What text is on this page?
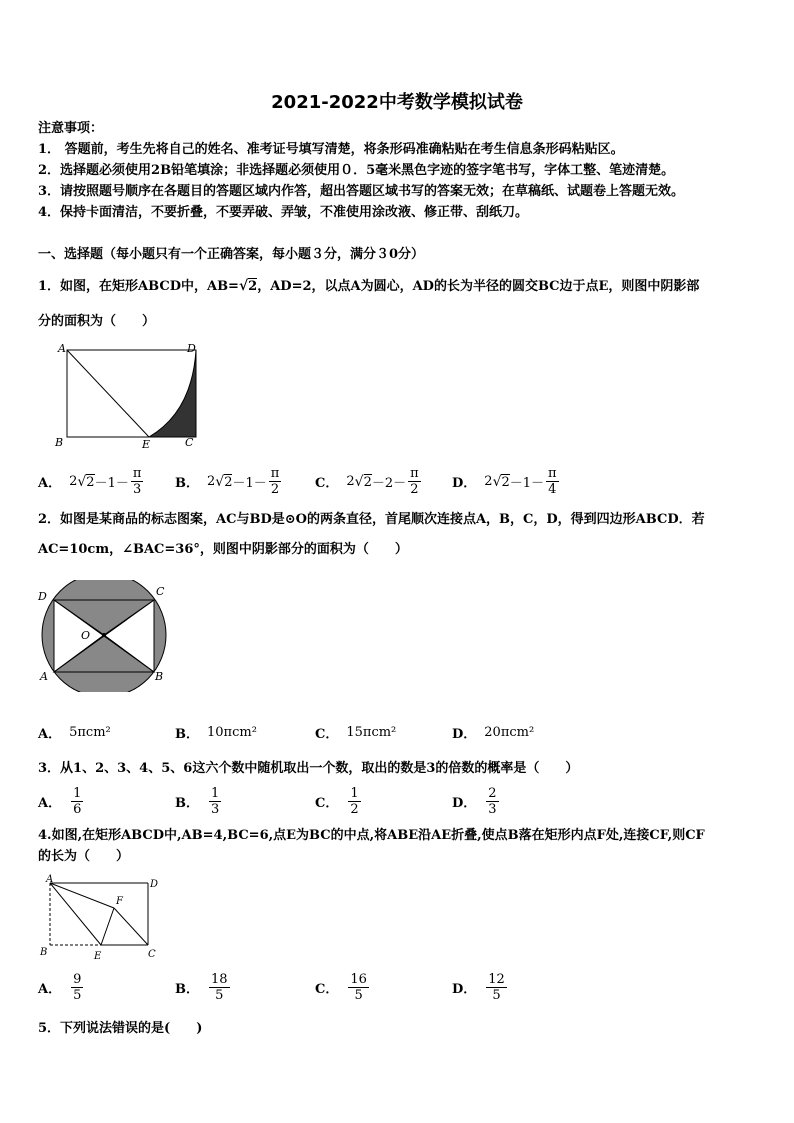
2021-2022中考数学模拟试卷
注意事项：
1． 答题前，考生先将自己的姓名、准考证号填写清楚，将条形码准确粘贴在考生信息条形码粘贴区。
2．选择题必须使用2B铅笔填涂；非选择题必须使用０．5毫米黑色字迹的签字笔书写，字体工整、笔迹清楚。
3．请按照题号顺序在各题目的答题区域内作答，超出答题区域书写的答案无效；在草稿纸、试题卷上答题无效。
4．保持卡面清洁，不要折叠，不要弄破、弄皱，不准使用涂改液、修正带、刮纸刀。
一、选择题（每小题只有一个正确答案，每小题３分，满分３0分）
1．如图，在矩形ABCD中，AB=√2，AD=2，以点A为圆心，AD的长为半径的圆交BC边于点E，则图中阴影部
分的面积为（　　）
A	D
B	E	C
A． 2 √ $2 -1- \frac{\pi}{3}$ B． 2 √ $2 -1- \frac{\pi}{2}$	C． 2 √ $2 -2- \frac{\pi}{2}$ D． 2 √ $2 -1- \frac{\pi}{4}$
2．如图是某商品的标志图案，AC与BD是⊙O的两条直径，首尾顺次连接点A，B，C，D，得到四边形ABCD．若
AC=10cm，∠BAC=36°，则图中阴影部分的面积为（　　）
D	C
O
A	B
A． 5πcm²	B． 10πcm²	C． 15πcm²	D． 20πcm²
3．从1、2、3、4、5、6这六个数中随机取出一个数，取出的数是3的倍数的概率是（　　）
A． $\frac{1}{6}$	B． $\frac{1}{3}$	C． $\frac{1}{2}$	D． $\frac{2}{3}$
4.如图,在矩形ABCD中,AB=4,BC=6,点E为BC的中点,将ABE沿AE折叠,使点B落在矩形内点F处,连接CF,则CF
的长为（　　）
A	D
F
B	E	C
A． $\frac{9}{5}$	B． $\frac{18}{5}$	C． $\frac{16}{5}$	D． $\frac{12}{5}$
5．下列说法错误的是(　　)
